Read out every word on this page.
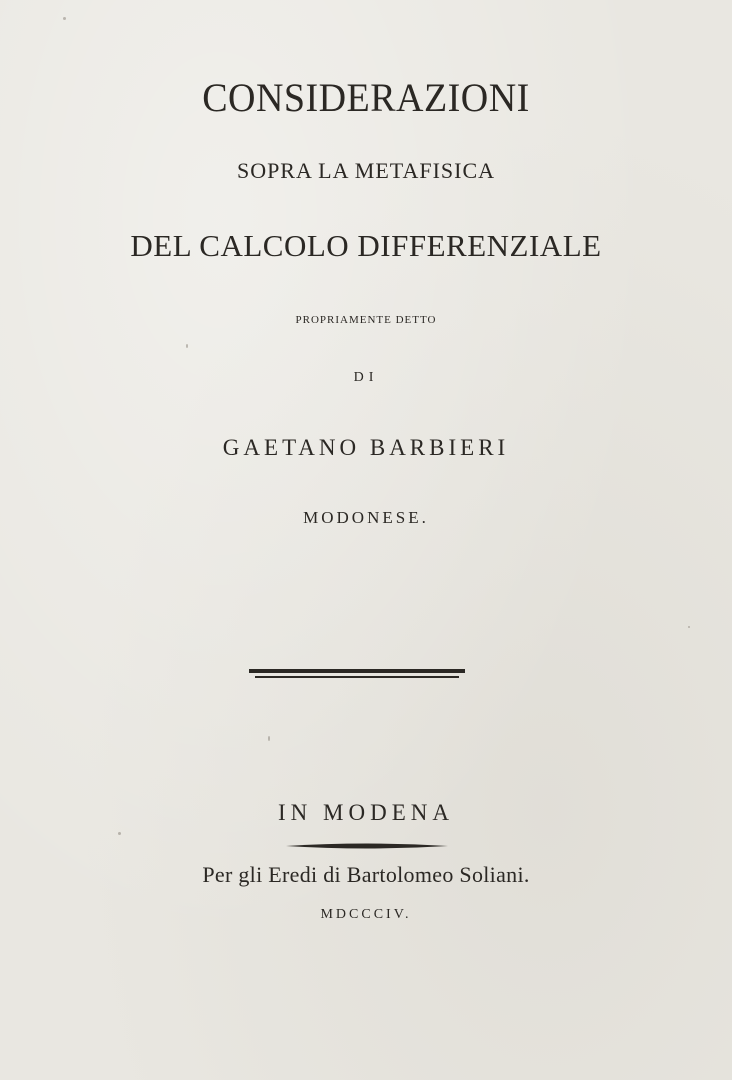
CONSIDERAZIONI
SOPRA LA METAFISICA
DEL CALCOLO DIFFERENZIALE
PROPRIAMENTE DETTO
DI
GAETANO BARBIERI
MODONESE.
IN MODENA
Per gli Eredi di Bartolomeo Soliani.
MDCCCIV.
